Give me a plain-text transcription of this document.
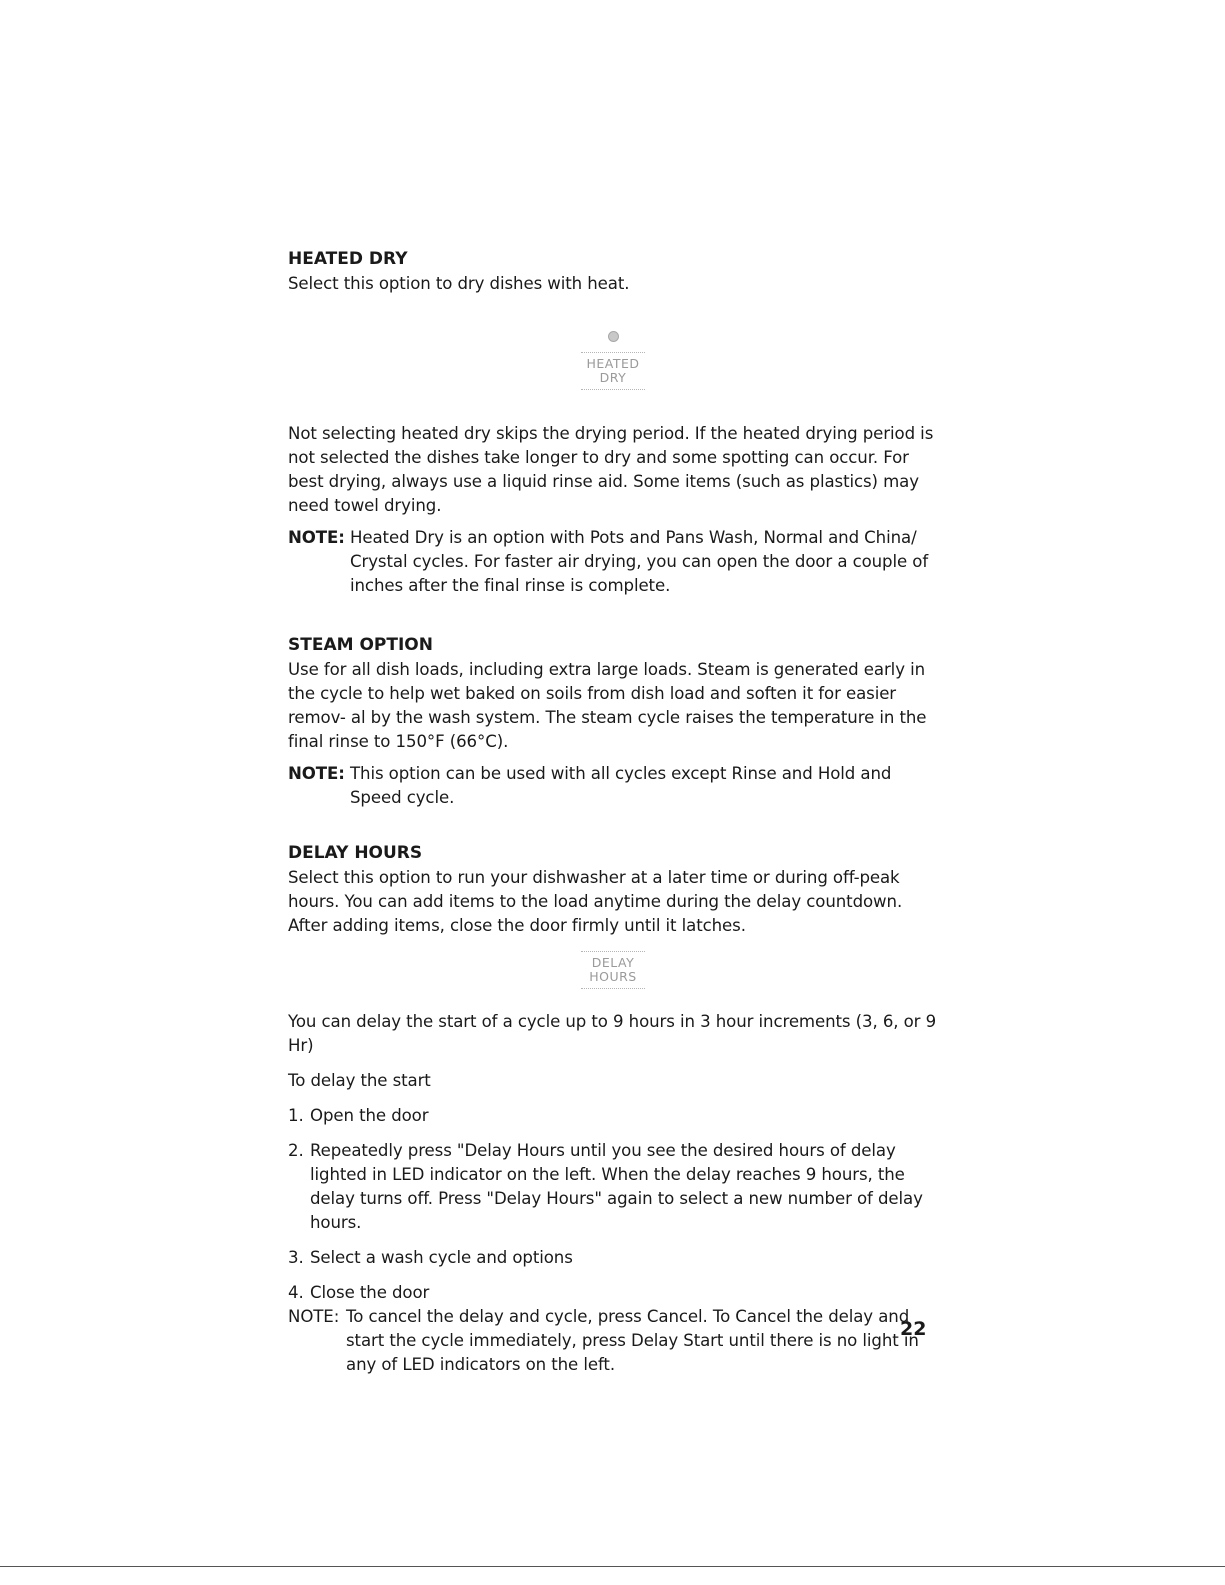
HEATED DRY

Select this option to dry dishes with heat.

HEATED
DRY

Not selecting heated dry skips the drying period. If the heated drying period is not selected the dishes take longer to dry and some spotting can occur. For best drying, always use a liquid rinse aid. Some items (such as plastics) may need towel drying.

NOTE: Heated Dry is an option with Pots and Pans Wash, Normal and China/ Crystal cycles. For faster air drying, you can open the door a couple of inches after the final rinse is complete.
STEAM OPTION

Use for all dish loads, including extra large loads. Steam is generated early in the cycle to help wet baked on soils from dish load and soften it for easier remov- al by the wash system. The steam cycle raises the temperature in the final rinse to 150°F (66°C).

NOTE: This option can be used with all cycles except Rinse and Hold and Speed cycle.
DELAY HOURS

Select this option to run your dishwasher at a later time or during off-peak hours. You can add items to the load anytime during the delay countdown. After adding items, close the door firmly until it latches.

DELAY
HOURS

You can delay the start of a cycle up to 9 hours in 3 hour increments (3, 6, or 9 Hr)

To delay the start

1. Open the door
2. Repeatedly press "Delay Hours until you see the desired hours of delay lighted in LED indicator on the left. When the delay reaches 9 hours, the delay turns off. Press "Delay Hours" again to select a new number of delay hours.
3. Select a wash cycle and options
4. Close the door
NOTE: To cancel the delay and cycle, press Cancel. To Cancel the delay and start the cycle immediately, press Delay Start until there is no light in any of LED indicators on the left.
22
